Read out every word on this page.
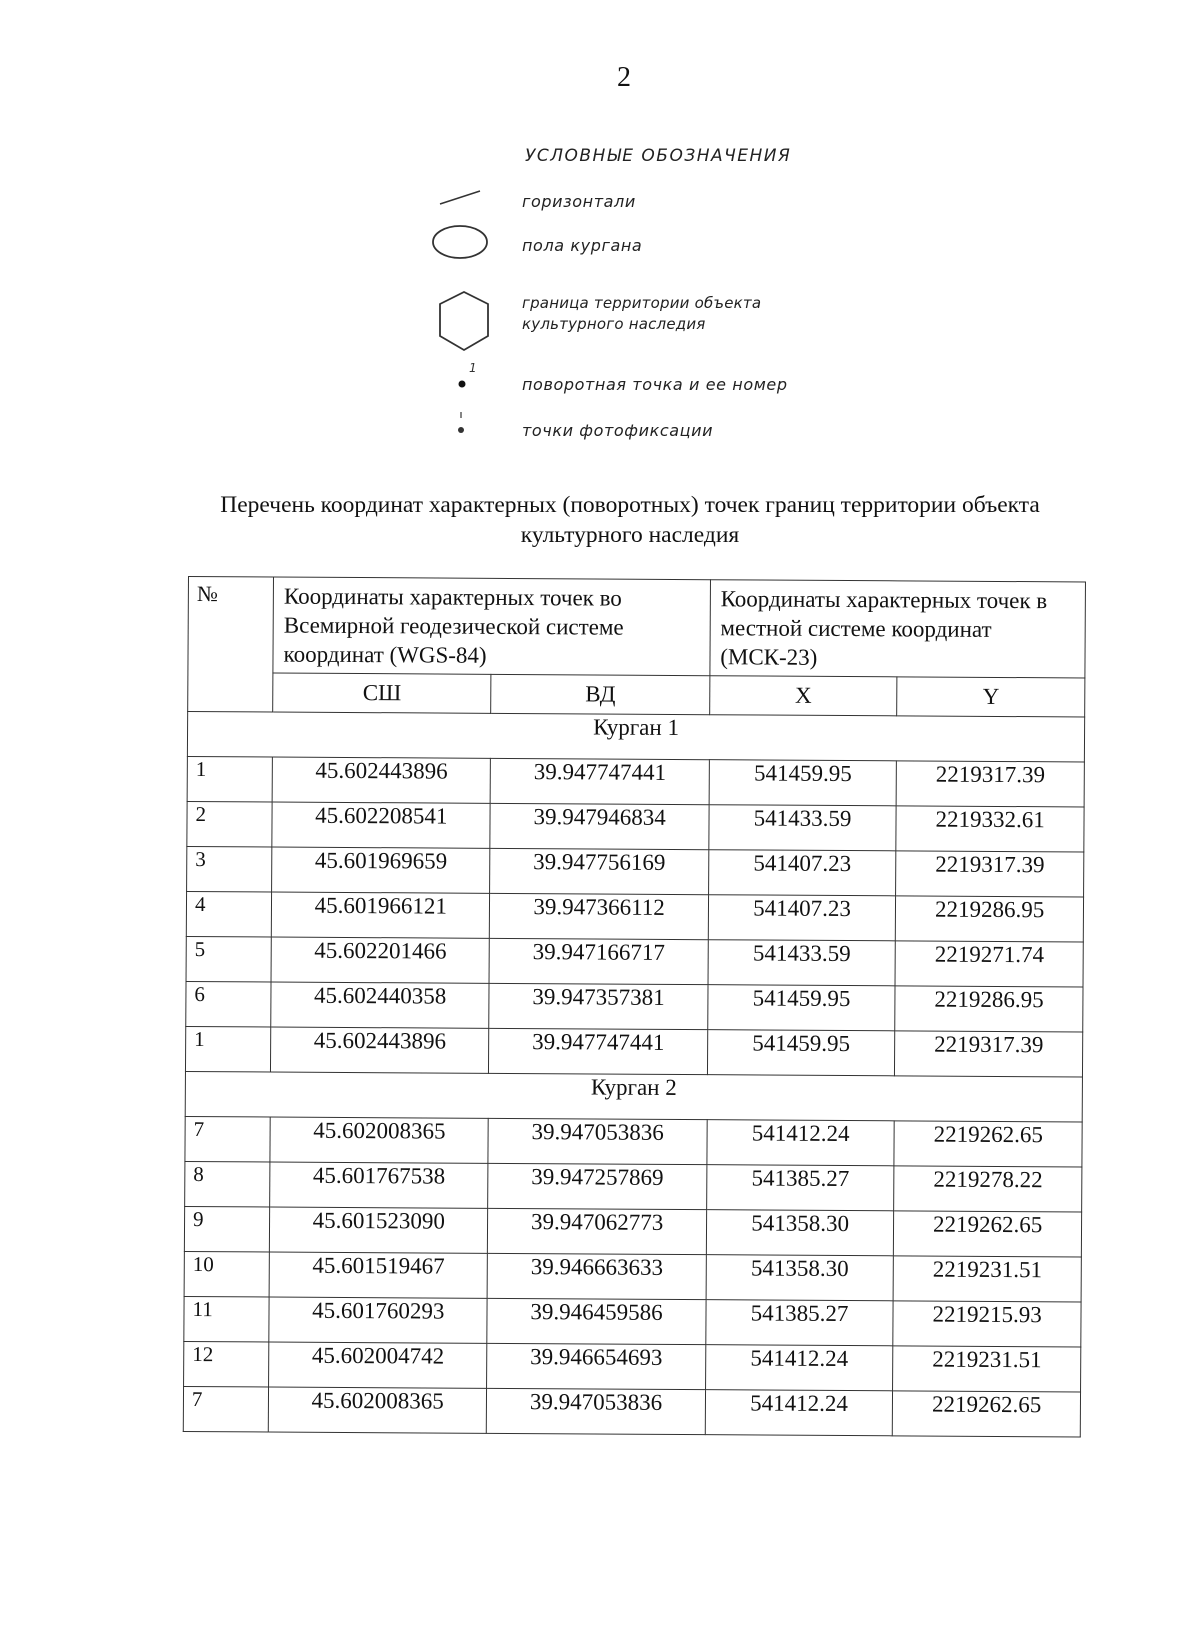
2
УСЛОВНЫЕ ОБОЗНАЧЕНИЯ
горизонтали
пола кургана
граница территории объекта культурного наследия
1
поворотная точка и ее номер
точки фотофиксации
Перечень координат характерных (поворотных) точек границ территории объекта культурного наследия
№	Координаты характерных точек во Всемирной геодезической системе координат (WGS-84)		Координаты характерных точек в местной системе координат (МСК-23)	
	СШ	ВД	X	Y
Курган 1				
1	45.602443896	39.947747441	541459.95	2219317.39
2	45.602208541	39.947946834	541433.59	2219332.61
3	45.601969659	39.947756169	541407.23	2219317.39
4	45.601966121	39.947366112	541407.23	2219286.95
5	45.602201466	39.947166717	541433.59	2219271.74
6	45.602440358	39.947357381	541459.95	2219286.95
1	45.602443896	39.947747441	541459.95	2219317.39
Курган 2				
7	45.602008365	39.947053836	541412.24	2219262.65
8	45.601767538	39.947257869	541385.27	2219278.22
9	45.601523090	39.947062773	541358.30	2219262.65
10	45.601519467	39.946663633	541358.30	2219231.51
11	45.601760293	39.946459586	541385.27	2219215.93
12	45.602004742	39.946654693	541412.24	2219231.51
7	45.602008365	39.947053836	541412.24	2219262.65
